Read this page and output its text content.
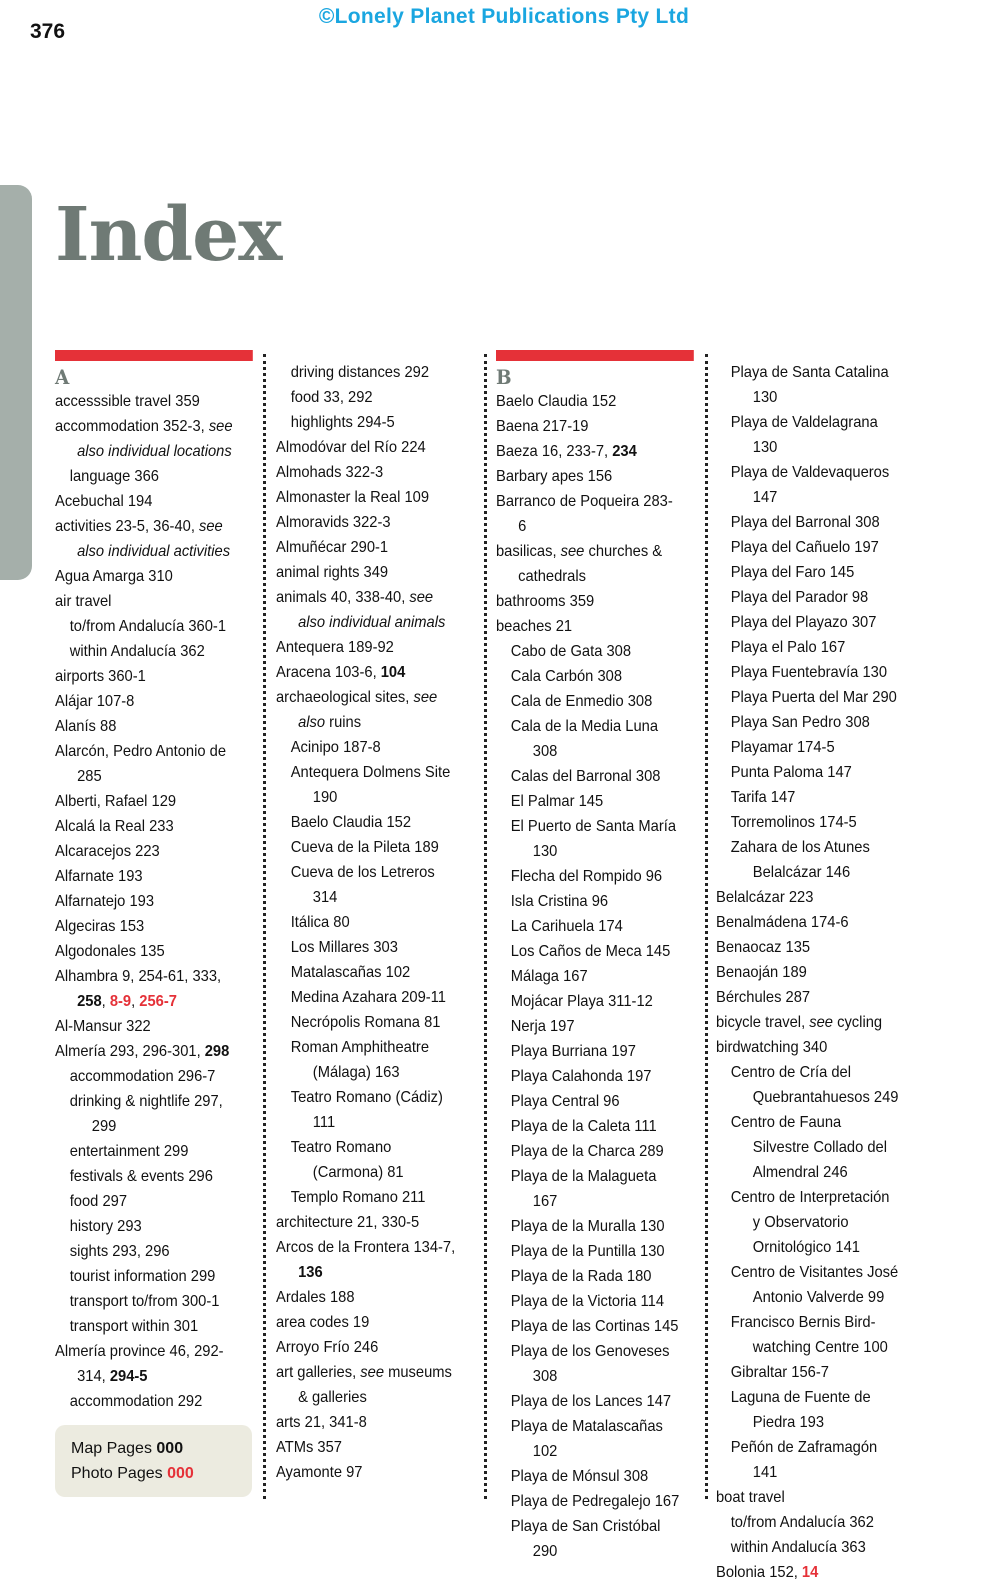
376
©Lonely Planet Publications Pty Ltd
Index
A
accesssible travel 359
accommodation 352-3, see also individual locations
language 366
Acebuchal 194
activities 23-5, 36-40, see also individual activities
Agua Amarga 310
air travel
to/from Andalucía 360-1
within Andalucía 362
airports 360-1
Alájar 107-8
Alanís 88
Alarcón, Pedro Antonio de 285
Alberti, Rafael 129
Alcalá la Real 233
Alcaracejos 223
Alfarnate 193
Alfarnatejo 193
Algeciras 153
Algodonales 135
Alhambra 9, 254-61, 333, 258, 8-9, 256-7
Al-Mansur 322
Almería 293, 296-301, 298
accommodation 296-7
drinking & nightlife 297, 299
entertainment 299
festivals & events 296
food 297
history 293
sights 293, 296
tourist information 299
transport to/from 300-1
transport within 301
Almería province 46, 292-314, 294-5
accommodation 292
driving distances 292
food 33, 292
highlights 294-5
Almodóvar del Río 224
Almohads 322-3
Almonaster la Real 109
Almoravids 322-3
Almuñécar 290-1
animal rights 349
animals 40, 338-40, see also individual animals
Antequera 189-92
Aracena 103-6, 104
archaeological sites, see also ruins
Acinipo 187-8
Antequera Dolmens Site 190
Baelo Claudia 152
Cueva de la Pileta 189
Cueva de los Letreros 314
Itálica 80
Los Millares 303
Matalascañas 102
Medina Azahara 209-11
Necrópolis Romana 81
Roman Amphitheatre (Málaga) 163
Teatro Romano (Cádiz) 111
Teatro Romano (Carmona) 81
Templo Romano 211
architecture 21, 330-5
Arcos de la Frontera 134-7, 136
Ardales 188
area codes 19
Arroyo Frío 246
art galleries, see museums & galleries
arts 21, 341-8
ATMs 357
Ayamonte 97
B
Baelo Claudia 152
Baena 217-19
Baeza 16, 233-7, 234
Barbary apes 156
Barranco de Poqueira 283-6
basilicas, see churches & cathedrals
bathrooms 359
beaches 21
Cabo de Gata 308
Cala Carbón 308
Cala de Enmedio 308
Cala de la Media Luna 308
Calas del Barronal 308
El Palmar 145
El Puerto de Santa María 130
Flecha del Rompido 96
Isla Cristina 96
La Carihuela 174
Los Caños de Meca 145
Málaga 167
Mojácar Playa 311-12
Nerja 197
Playa Burriana 197
Playa Calahonda 197
Playa Central 96
Playa de la Caleta 111
Playa de la Charca 289
Playa de la Malagueta 167
Playa de la Muralla 130
Playa de la Puntilla 130
Playa de la Rada 180
Playa de la Victoria 114
Playa de las Cortinas 145
Playa de los Genoveses 308
Playa de los Lances 147
Playa de Matalascañas 102
Playa de Mónsul 308
Playa de Pedregalejo 167
Playa de San Cristóbal 290
Playa de Santa Catalina 130
Playa de Valdelagrana 130
Playa de Valdevaqueros 147
Playa del Barronal 308
Playa del Cañuelo 197
Playa del Faro 145
Playa del Parador 98
Playa del Playazo 307
Playa el Palo 167
Playa Fuentebravía 130
Playa Puerta del Mar 290
Playa San Pedro 308
Playamar 174-5
Punta Paloma 147
Tarifa 147
Torremolinos 174-5
Zahara de los Atunes Belalcázar 146
Belalcázar 223
Benalmádena 174-6
Benaocaz 135
Benaoján 189
Bérchules 287
bicycle travel, see cycling
birdwatching 340
Centro de Cría del Quebrantahuesos 249
Centro de Fauna Silvestre Collado del Almendral 246
Centro de Interpretación y Observatorio Ornitológico 141
Centro de Visitantes José Antonio Valverde 99
Francisco Bernis Bird-watching Centre 100
Gibraltar 156-7
Laguna de Fuente de Piedra 193
Peñón de Zaframagón 141
boat travel
to/from Andalucía 362
within Andalucía 363
Bolonia 152, 14
Map Pages 000
Photo Pages 000
